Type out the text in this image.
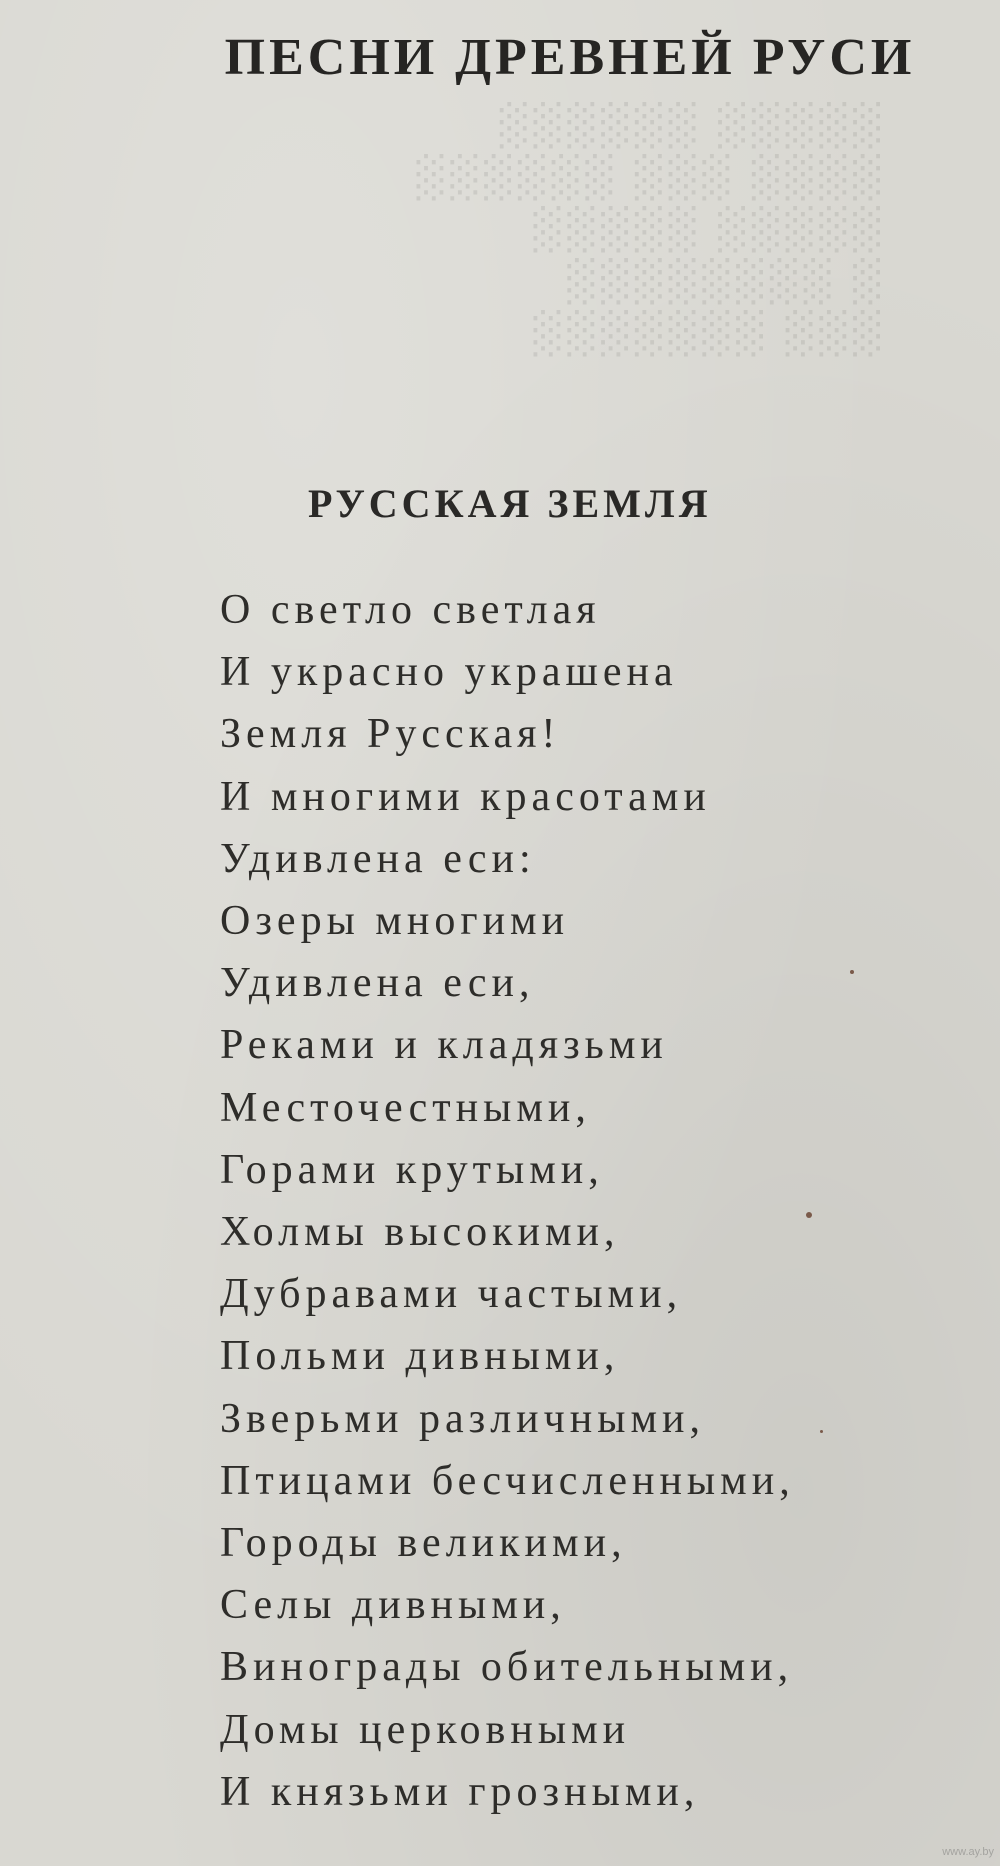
░░░░░ ░░░░░░
░░░░ ░░░ ░░░░░░
░░░░░ ░░░░░
░ ░░░░░░░░
░░░ ░░░░░░░
ПЕСНИ ДРЕВНЕЙ РУСИ
РУССКАЯ ЗЕМЛЯ
О светло светлая
И украсно украшена
Земля Русская!
И многими красотами
Удивлена еси:
Озеры многими
Удивлена еси,
Реками и кладязьми
Месточестными,
Горами крутыми,
Холмы высокими,
Дубравами частыми,
Польми дивными,
Зверьми различными,
Птицами бесчисленными,
Городы великими,
Селы дивными,
Винограды обительными,
Домы церковными
И князьми грозными,
www.ay.by
